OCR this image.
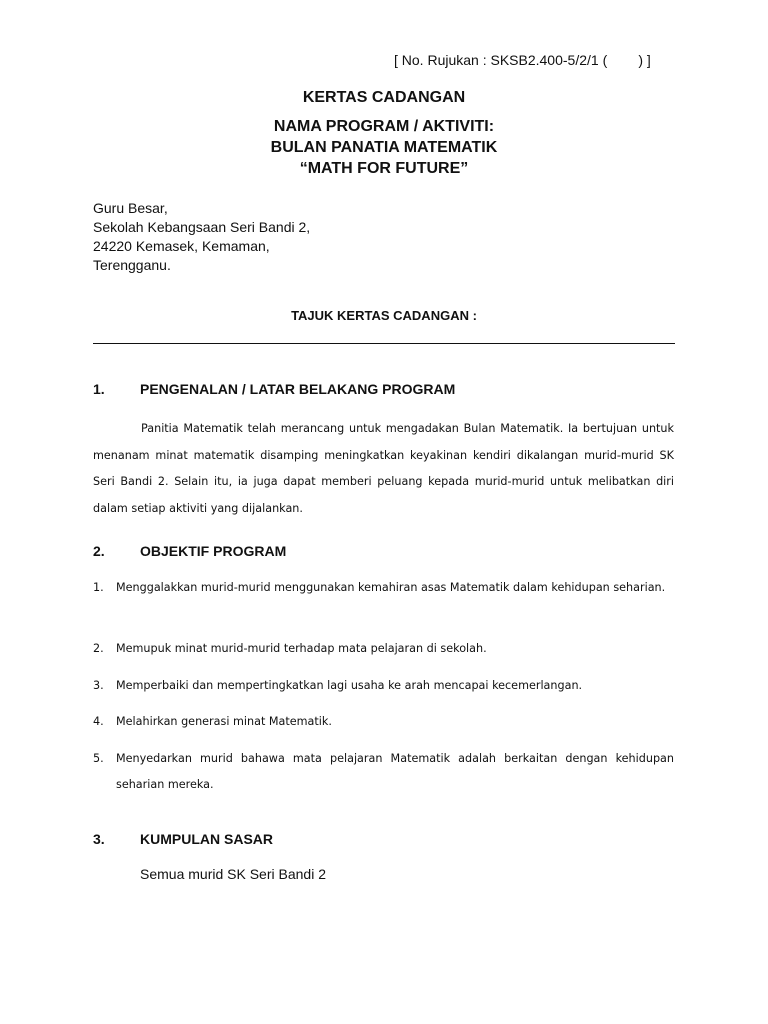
[ No. Rujukan : SKSB2.400-5/2/1 (        ) ]
KERTAS CADANGAN
NAMA PROGRAM / AKTIVITI:
BULAN PANATIA MATEMATIK
“MATH FOR FUTURE”
Guru Besar,
Sekolah Kebangsaan Seri Bandi 2,
24220 Kemasek, Kemaman,
Terengganu.
TAJUK KERTAS CADANGAN :
1.	PENGENALAN / LATAR BELAKANG PROGRAM

Panitia Matematik telah merancang untuk mengadakan Bulan Matematik. Ia bertujuan untuk menanam minat matematik disamping meningkatkan keyakinan kendiri dikalangan murid-murid SK Seri Bandi 2. Selain itu, ia juga dapat memberi peluang kepada murid-murid untuk melibatkan diri dalam setiap aktiviti yang dijalankan.

2.	OBJEKTIF PROGRAM
1. Menggalakkan murid-murid menggunakan kemahiran asas Matematik dalam kehidupan seharian.
2. Memupuk minat murid-murid terhadap mata pelajaran di sekolah.
3. Memperbaiki dan mempertingkatkan lagi usaha ke arah mencapai kecemerlangan.
4. Melahirkan generasi minat Matematik.
5. Menyedarkan murid bahawa mata pelajaran Matematik adalah berkaitan dengan kehidupan seharian mereka.
3.	KUMPULAN SASAR
Semua murid SK Seri Bandi 2
